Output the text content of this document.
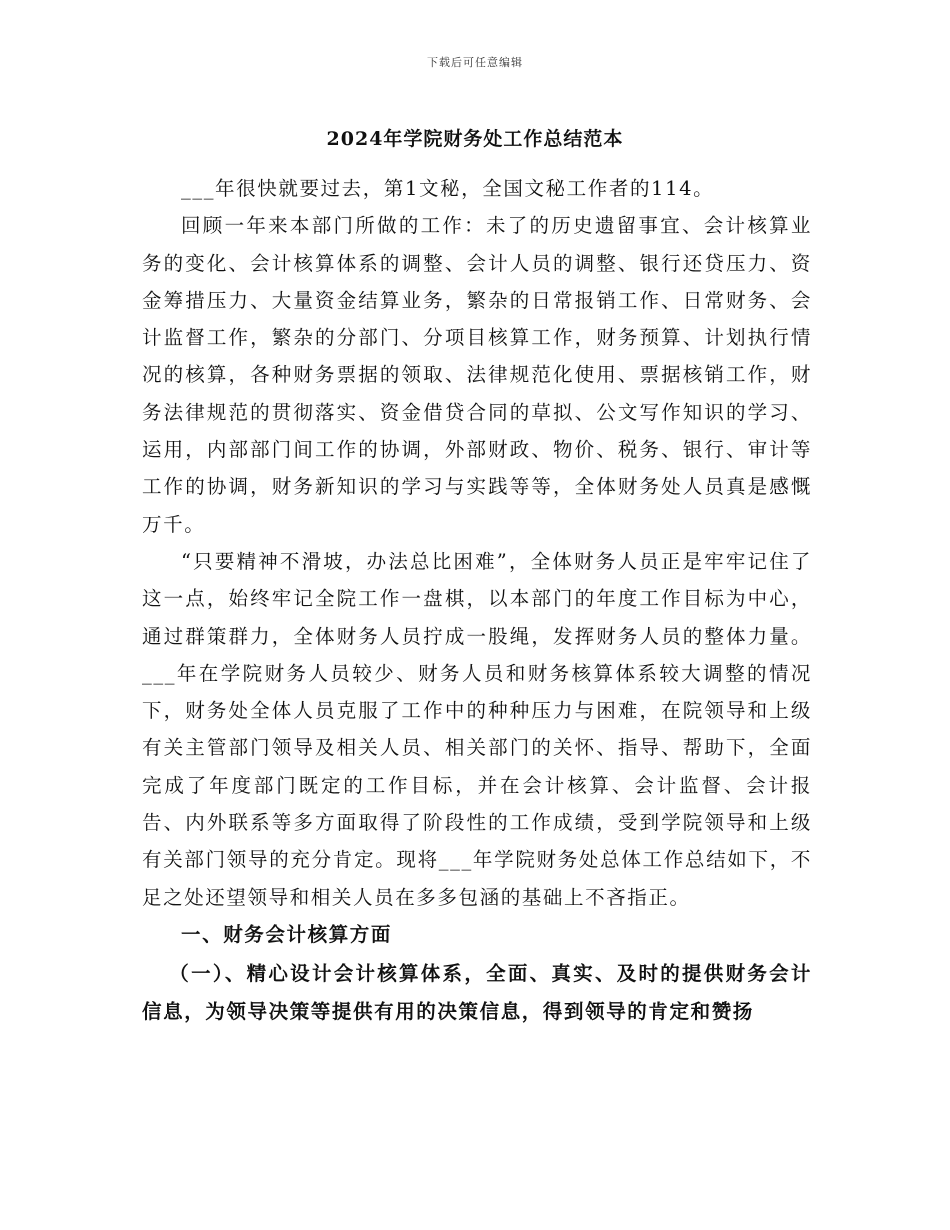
下载后可任意编辑
2024年学院财务处工作总结范本

___年很快就要过去，第1文秘，全国文秘工作者的114。

回顾一年来本部门所做的工作：未了的历史遗留事宜、会计核算业务的变化、会计核算体系的调整、会计人员的调整、银行还贷压力、资金筹措压力、大量资金结算业务，繁杂的日常报销工作、日常财务、会计监督工作，繁杂的分部门、分项目核算工作，财务预算、计划执行情况的核算，各种财务票据的领取、法律规范化使用、票据核销工作，财务法律规范的贯彻落实、资金借贷合同的草拟、公文写作知识的学习、运用，内部部门间工作的协调，外部财政、物价、税务、银行、审计等工作的协调，财务新知识的学习与实践等等，全体财务处人员真是感慨万千。

“只要精神不滑坡，办法总比困难”，全体财务人员正是牢牢记住了这一点，始终牢记全院工作一盘棋，以本部门的年度工作目标为中心，通过群策群力，全体财务人员拧成一股绳，发挥财务人员的整体力量。___年在学院财务人员较少、财务人员和财务核算体系较大调整的情况下，财务处全体人员克服了工作中的种种压力与困难，在院领导和上级有关主管部门领导及相关人员、相关部门的关怀、指导、帮助下，全面完成了年度部门既定的工作目标，并在会计核算、会计监督、会计报告、内外联系等多方面取得了阶段性的工作成绩，受到学院领导和上级有关部门领导的充分肯定。现将___年学院财务处总体工作总结如下，不足之处还望领导和相关人员在多多包涵的基础上不吝指正。

一、财务会计核算方面

（一）、精心设计会计核算体系，全面、真实、及时的提供财务会计信息，为领导决策等提供有用的决策信息，得到领导的肯定和赞扬
